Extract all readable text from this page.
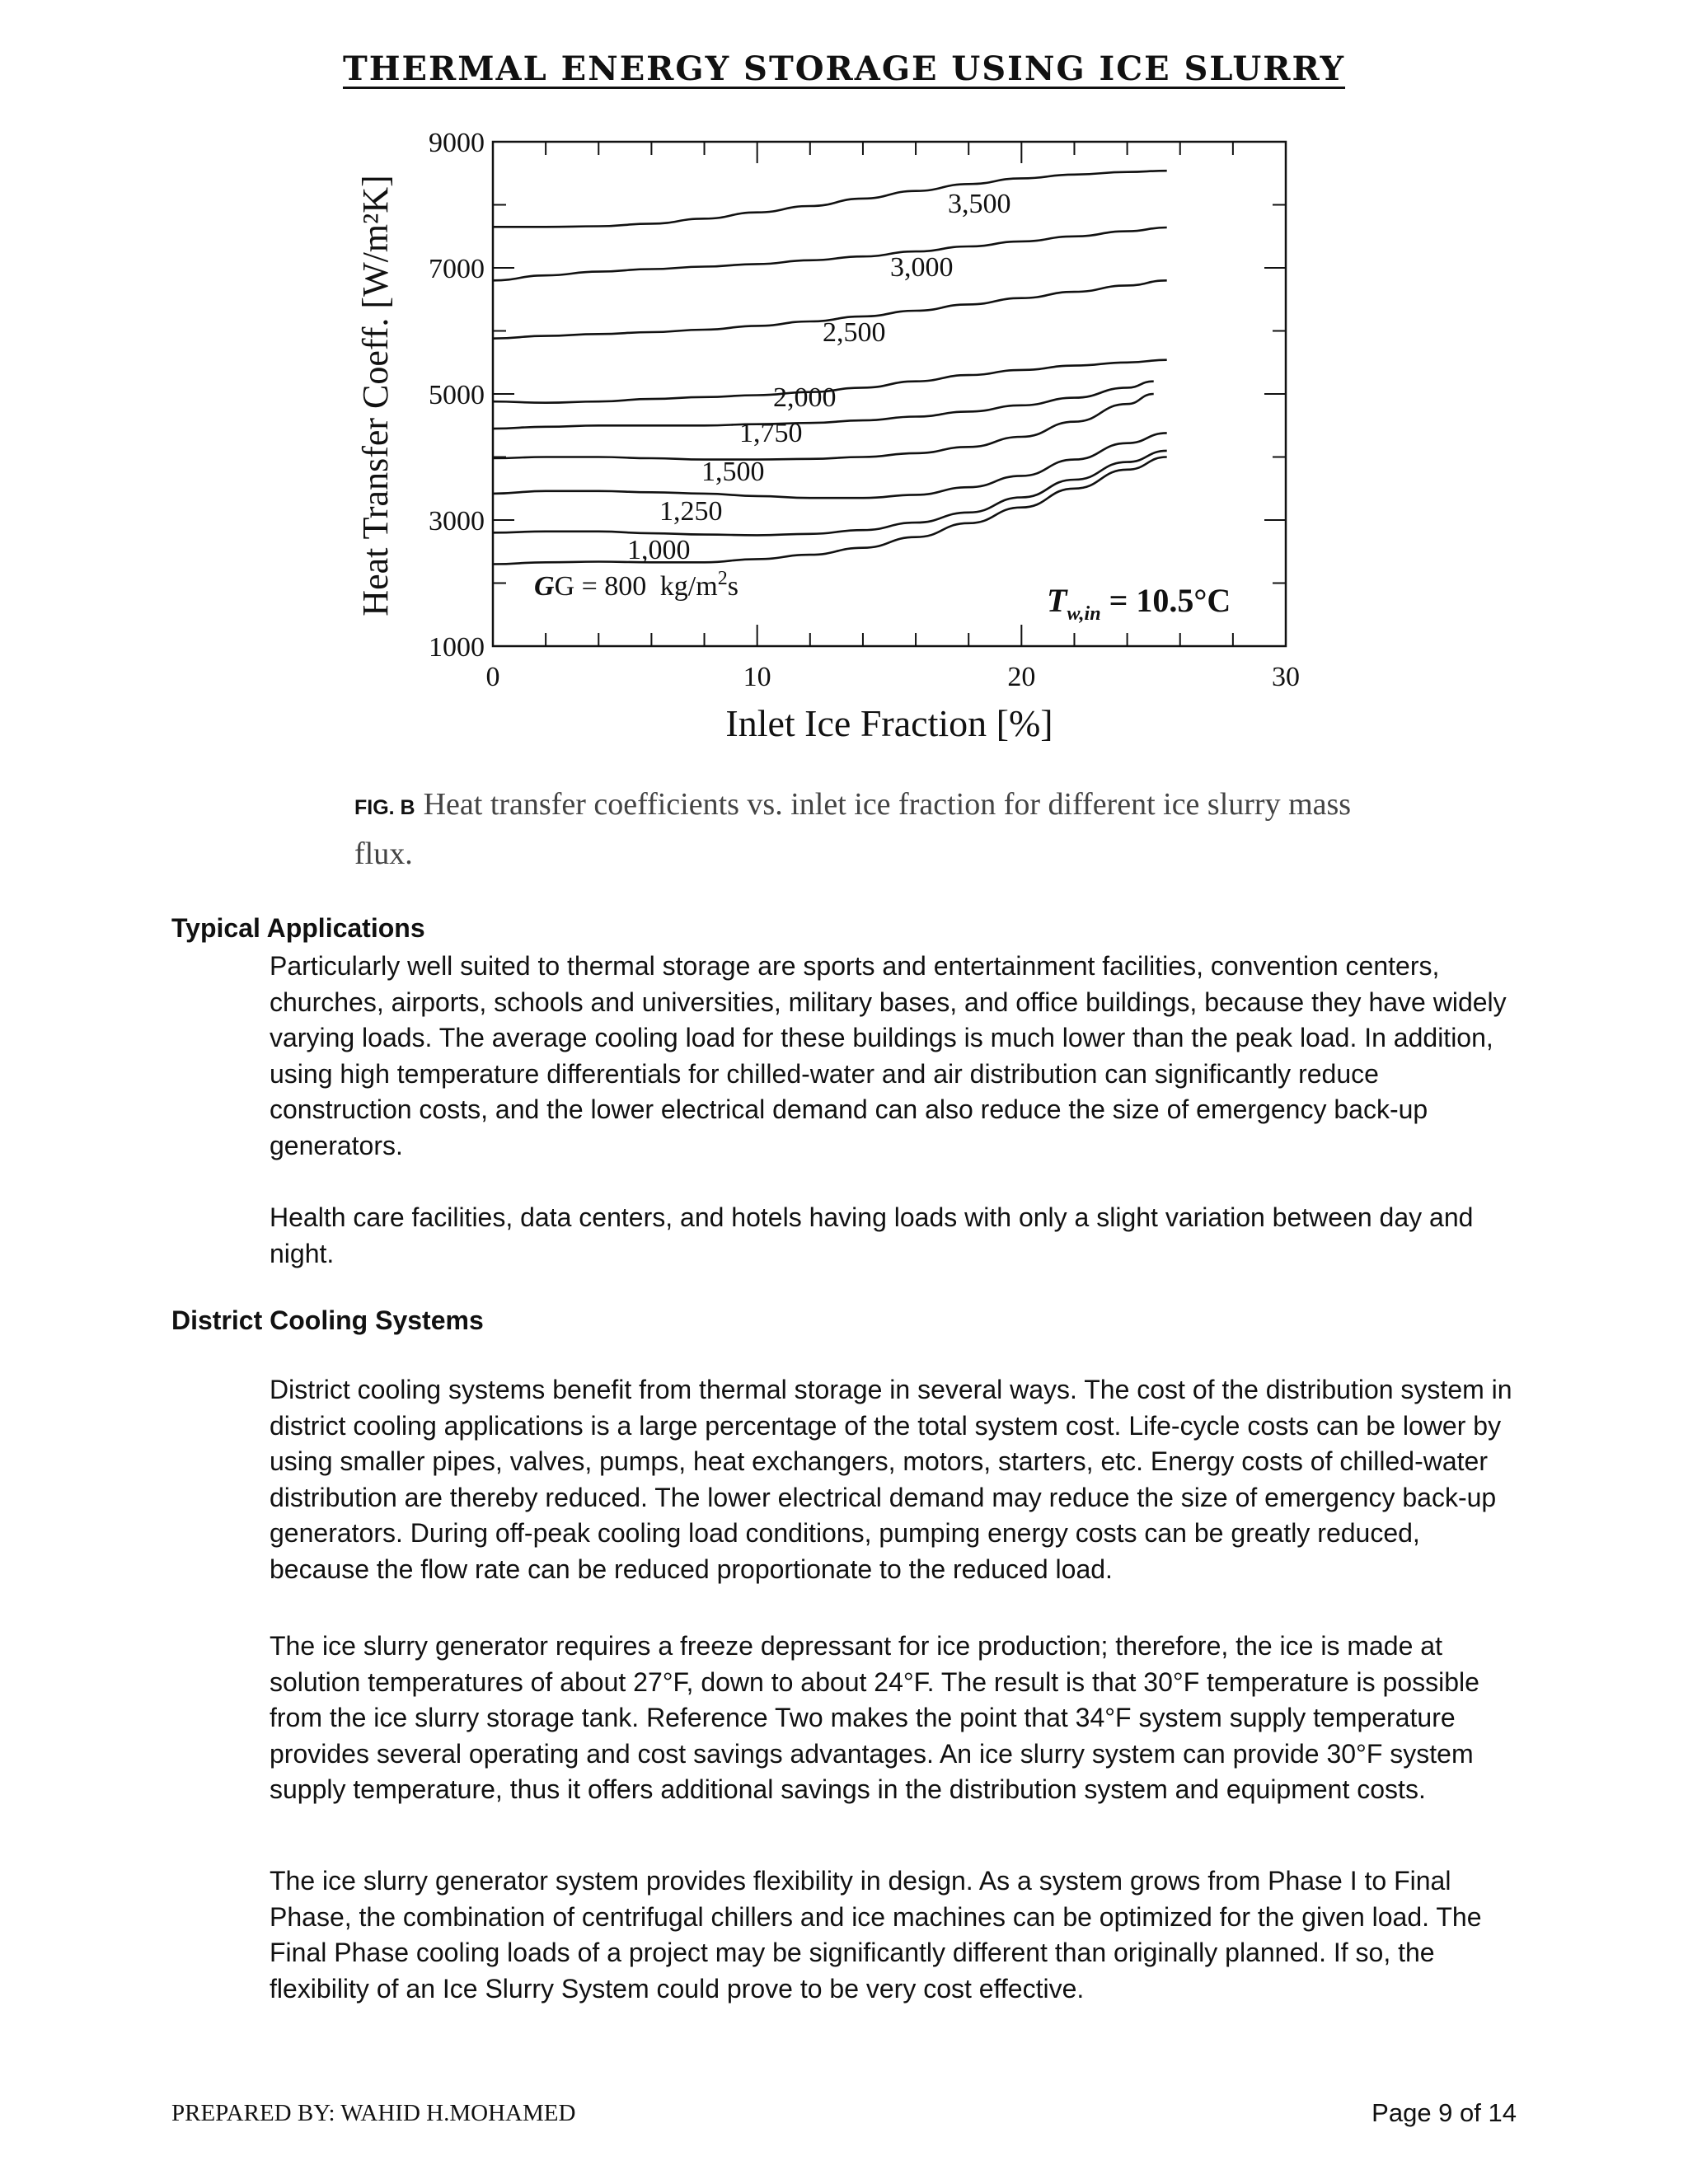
THERMAL ENERGY STORAGE USING ICE SLURRY
0	10	20	30
1000
3000
5000
7000
9000
3,500
3,000
2,500
2,000
1,750
1,500
1,250
1,000
GG = 800 $kg/m^2s$	$T_{w,in} = 10.5^\circ C$
Inlet Ice Fraction [%]
Heat Transfer Coeff. [W/m²K]
FIG. B Heat transfer coefficients vs. inlet ice fraction for different ice slurry mass flux.
Typical Applications

Particularly well suited to thermal storage are sports and entertainment facilities, convention centers, churches, airports, schools and universities, military bases, and office buildings, because they have widely varying loads. The average cooling load for these buildings is much lower than the peak load. In addition, using high temperature differentials for chilled-water and air distribution can significantly reduce construction costs, and the lower electrical demand can also reduce the size of emergency back-up generators.

Health care facilities, data centers, and hotels having loads with only a slight variation between day and night.

District Cooling Systems

District cooling systems benefit from thermal storage in several ways. The cost of the distribution system in district cooling applications is a large percentage of the total system cost. Life-cycle costs can be lower by using smaller pipes, valves, pumps, heat exchangers, motors, starters, etc. Energy costs of chilled-water distribution are thereby reduced. The lower electrical demand may reduce the size of emergency back-up generators. During off-peak cooling load conditions, pumping energy costs can be greatly reduced, because the flow rate can be reduced proportionate to the reduced load.

The ice slurry generator requires a freeze depressant for ice production; therefore, the ice is made at solution temperatures of about 27°F, down to about 24°F. The result is that 30°F temperature is possible from the ice slurry storage tank. Reference Two makes the point that 34°F system supply temperature provides several operating and cost savings advantages. An ice slurry system can provide 30°F system supply temperature, thus it offers additional savings in the distribution system and equipment costs.

The ice slurry generator system provides flexibility in design. As a system grows from Phase I to Final Phase, the combination of centrifugal chillers and ice machines can be optimized for the given load. The Final Phase cooling loads of a project may be significantly different than originally planned. If so, the flexibility of an Ice Slurry System could prove to be very cost effective.

PREPARED BY: WAHID H.MOHAMED	Page 9 of 14
